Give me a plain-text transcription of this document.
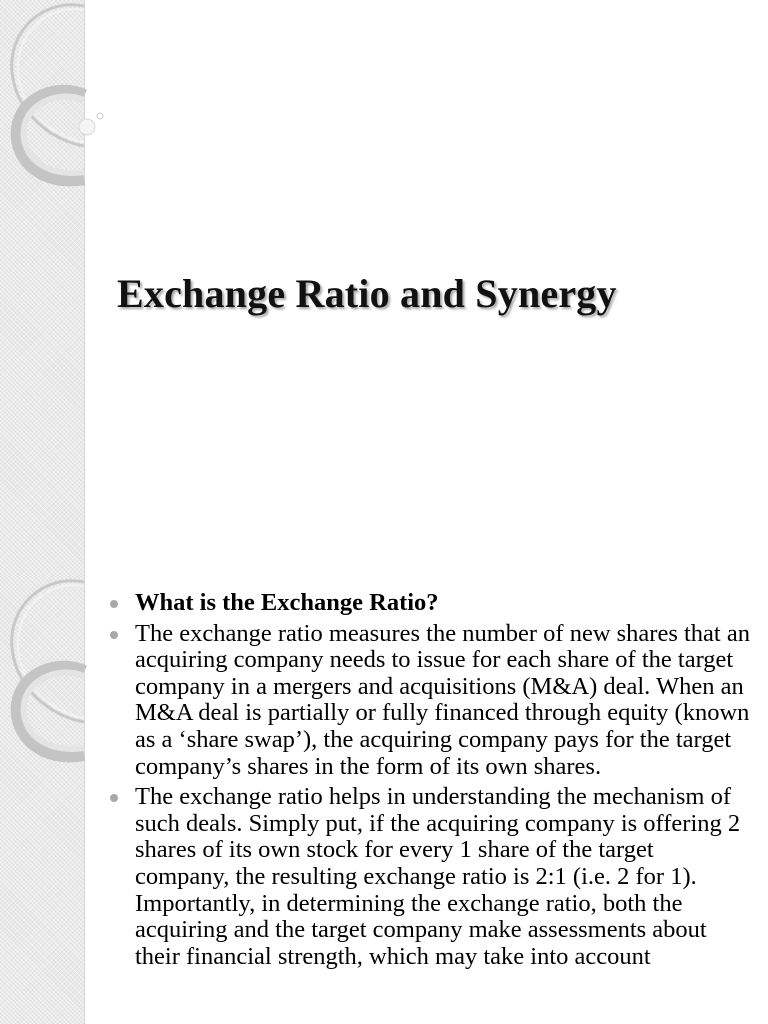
Exchange Ratio and Synergy
What is the Exchange Ratio?
The exchange ratio measures the number of new shares that an acquiring company needs to issue for each share of the target company in a mergers and acquisitions (M&A) deal. When an M&A deal is partially or fully financed through equity (known as a ‘share swap’), the acquiring company pays for the target company’s shares in the form of its own shares.
The exchange ratio helps in understanding the mechanism of such deals. Simply put, if the acquiring company is offering 2 shares of its own stock for every 1 share of the target company, the resulting exchange ratio is 2:1 (i.e. 2 for 1). Importantly, in determining the exchange ratio, both the acquiring and the target company make assessments about their financial strength, which may take into account
